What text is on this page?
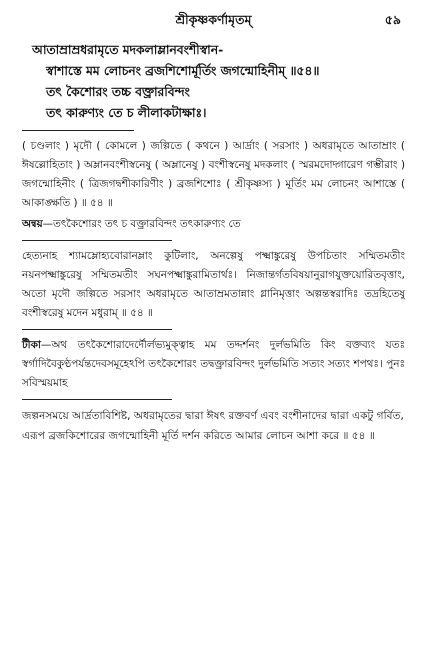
শ্রীকৃষ্ণকর্ণামৃতম্	৫৯
আতাম্রাম্রধরামৃতে মদকলাম্লানবংশীস্বান-
স্বাশাস্তে মম লোচনং ব্রজশিশোর্মূর্তিং জগন্মোহিনীম্ ॥৫৪॥
তৎ কৈশোরং তচ্চ বক্ত্রারবিন্দং
তৎ কারুণ্যং তে চ লীলাকটাক্ষাঃ।
( চণ্ডলাং ) মৃদৌ ( কোমলে ) জল্পিতে ( কথনে ) আর্দ্রাং ( সরসাং ) অধরামৃতে আতাম্রাং ( ঈষল্লোহিতাং ) অম্লানবংশীস্বনেষু ( অম্লানেষু ) বংশীস্বনেষু মদকলাং ( স্মরমদোদ্গারেণ গম্ভীরাং ) জগন্মোহিনীং ( ত্রিজগদ্বশীকারিণীং ) ব্রজশিশোঃ ( শ্রীকৃষ্ণস্য ) মূর্তিং মম লোচনং আশাস্তে ( আকাঙ্ক্ষতি ) ॥ ৫৪ ॥
অন্বয়—তৎকৈশোরং তৎ চ বক্ত্রারবিন্দং তৎকারুণ্যং তে
হেত্যনাহ শ্যামম্লোহ্যবোরানম্লাং কুটিলাং, অনল্পেষু পক্ষ্মাঙ্কুরেষু উপচিতাং সম্মিতমতীং নয়নপক্ষ্মাঙ্কুরেষু সম্মিতমতীং সঘনপক্ষ্মাঙ্কুরামিতার্থঃ। নিজান্তর্গতবিষয়ানুরাগযুক্তয়োরিতবৃত্তাং, অতো মৃদৌ জল্পিতে সরসাং অধরামৃতে আতাম্রমতান্নাং গ্লানিমৃত্তাং অল্পন্তস্বরাদিঃ তদ্রহিতেষু বংশীস্বরেষু মদেন মধুরাম্ ॥ ৫৪ ॥
টীকা—অথ তৎকৈশোরাদের্দৌর্লভ্যমুক্ত্বাহ মম তদ্দর্শনং দুর্লভমিতি কিং বক্তব্যং যতঃ স্বর্গাদিবৈকুণ্ঠপর্যন্তদেবসমূহেঽপি তৎকৈশোরং তদ্বক্ত্রারবিন্দং দুর্লভমিতি সত্যং সত্যং শপথঃ। পুনঃ সবিস্ময়মাহ
জল্পনসময়ে আর্দ্রতাবিশিষ্ট, অধরামৃতের দ্বারা ঈষৎ রক্তবর্ণ এবং বংশীনাদের দ্বারা একটু গর্বিত, এরূপ ব্রজকিশোরের জগন্মোহিনী মূর্তি দর্শন করিতে আমার লোচন আশা করে ॥ ৫৪ ॥
